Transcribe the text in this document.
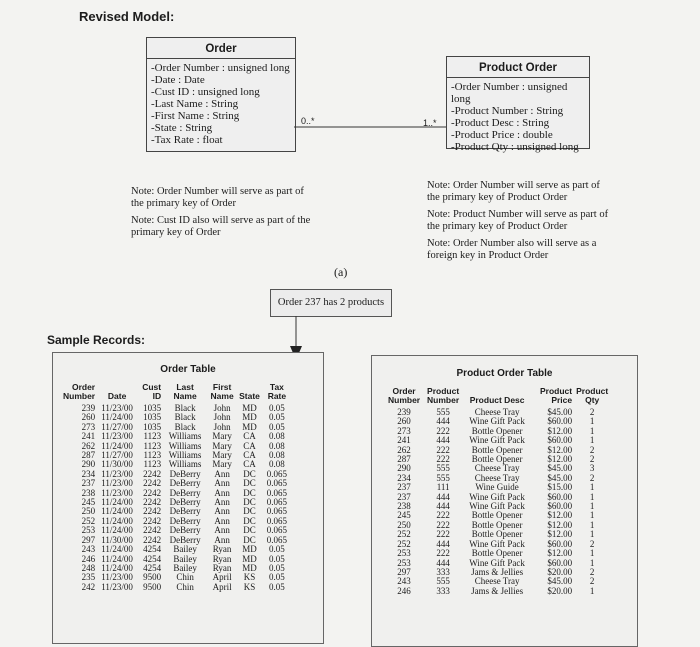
Revised Model:
Order
-Order Number : unsigned long
-Date : Date
-Cust ID : unsigned long
-Last Name : String
-First Name : String
-State : String
-Tax Rate : float
0..*	1..*
Product Order
-Order Number : unsigned long
-Product Number : String
-Product Desc : String
-Product Price : double
-Product Qty : unsigned long

Note: Order Number will serve as part of the primary key of Order

Note: Cust ID also will serve as part of the primary key of Order

Note: Order Number will serve as part of the primary key of Product Order

Note: Product Number will serve as part of the primary key of Product Order

Note: Order Number also will serve as a foreign key in Product Order

(a)
Order 237 has 2 products
Sample Records:
Order Table
Order Number	Date	Cust ID	Last Name	First Name	State	Tax Rate
239	11/23/00	1035	Black	John	MD	0.05
260	11/24/00	1035	Black	John	MD	0.05
273	11/27/00	1035	Black	John	MD	0.05
241	11/23/00	1123	Williams	Mary	CA	0.08
262	11/24/00	1123	Williams	Mary	CA	0.08
287	11/27/00	1123	Williams	Mary	CA	0.08
290	11/30/00	1123	Williams	Mary	CA	0.08
234	11/23/00	2242	DeBerry	Ann	DC	0.065
237	11/23/00	2242	DeBerry	Ann	DC	0.065
238	11/23/00	2242	DeBerry	Ann	DC	0.065
245	11/24/00	2242	DeBerry	Ann	DC	0.065
250	11/24/00	2242	DeBerry	Ann	DC	0.065
252	11/24/00	2242	DeBerry	Ann	DC	0.065
253	11/24/00	2242	DeBerry	Ann	DC	0.065
297	11/30/00	2242	DeBerry	Ann	DC	0.065
243	11/24/00	4254	Bailey	Ryan	MD	0.05
246	11/24/00	4254	Bailey	Ryan	MD	0.05
248	11/24/00	4254	Bailey	Ryan	MD	0.05
235	11/23/00	9500	Chin	April	KS	0.05
242	11/23/00	9500	Chin	April	KS	0.05
Product Order Table
Order Number	Product Number	Product Desc	Product Price	Product Qty
239	555	Cheese Tray	$45.00	2
260	444	Wine Gift Pack	$60.00	1
273	222	Bottle Opener	$12.00	1
241	444	Wine Gift Pack	$60.00	1
262	222	Bottle Opener	$12.00	2
287	222	Bottle Opener	$12.00	2
290	555	Cheese Tray	$45.00	3
234	555	Cheese Tray	$45.00	2
237	111	Wine Guide	$15.00	1
237	444	Wine Gift Pack	$60.00	1
238	444	Wine Gift Pack	$60.00	1
245	222	Bottle Opener	$12.00	1
250	222	Bottle Opener	$12.00	1
252	222	Bottle Opener	$12.00	1
252	444	Wine Gift Pack	$60.00	2
253	222	Bottle Opener	$12.00	1
253	444	Wine Gift Pack	$60.00	1
297	333	Jams & Jellies	$20.00	2
243	555	Cheese Tray	$45.00	2
246	333	Jams & Jellies	$20.00	1
